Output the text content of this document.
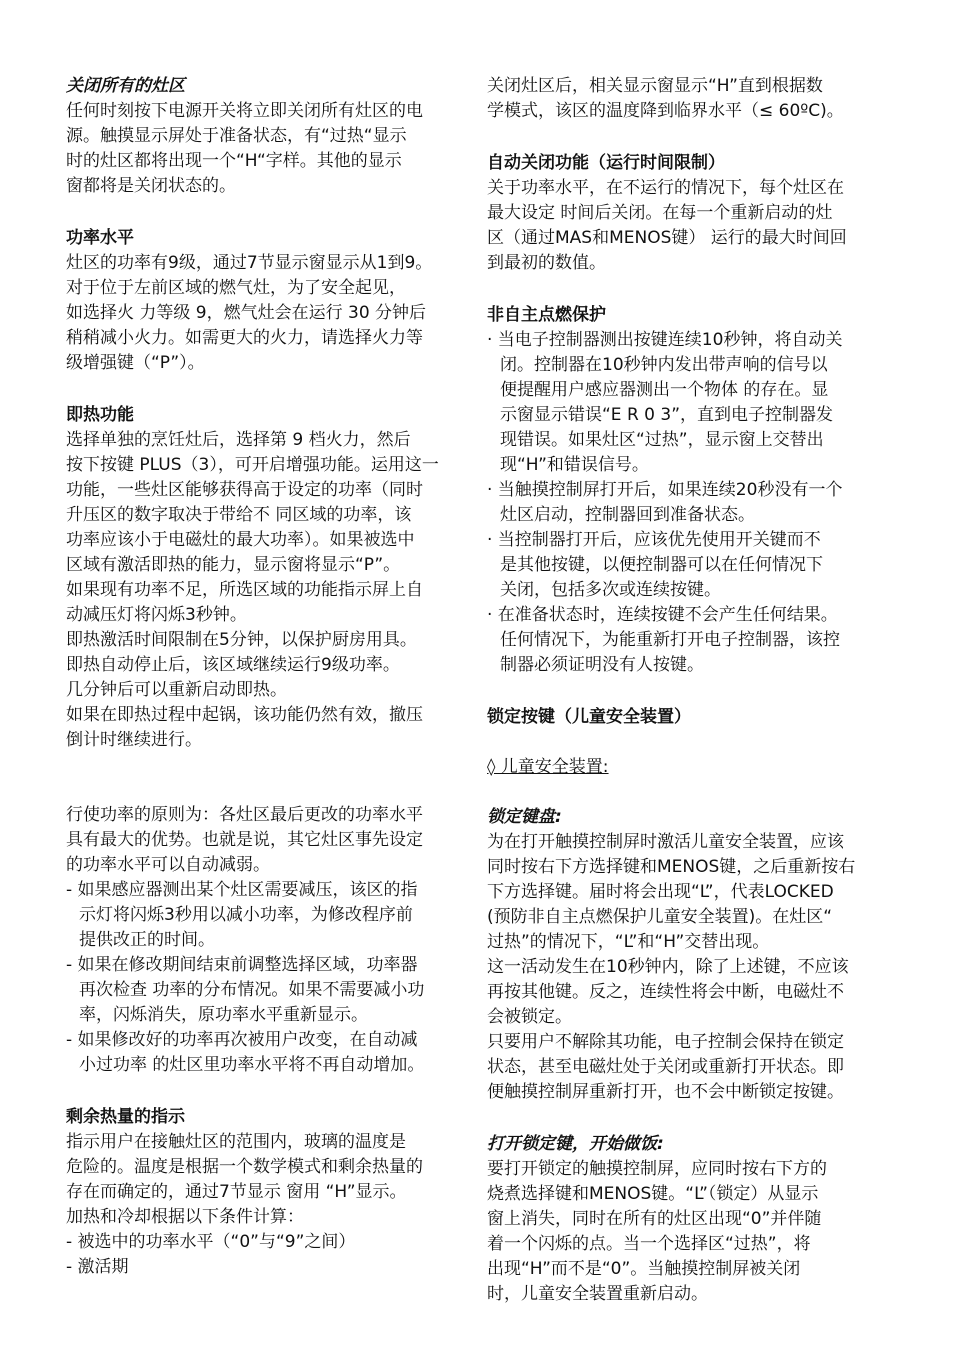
关闭所有的灶区

任何时刻按下电源开关将立即关闭所有灶区的电

源。触摸显示屏处于准备状态，有“过热“显示

时的灶区都将出现一个“H“字样。其他的显示

窗都将是关闭状态的。

功率水平

灶区的功率有9级，通过7节显示窗显示从1到9。

对于位于左前区域的燃气灶，为了安全起见，

如选择火 力等级 9，燃气灶会在运行 30 分钟后

稍稍减小火力。如需更大的火力，请选择火力等

级增强键（“P”）。

即热功能

选择单独的烹饪灶后，选择第 9 档火力，然后

按下按键 PLUS（3），可开启增强功能。运用这一

功能，一些灶区能够获得高于设定的功率（同时

升压区的数字取决于带给不 同区域的功率，该

功率应该小于电磁灶的最大功率）。如果被选中

区域有激活即热的能力，显示窗将显示“P”。

如果现有功率不足，所选区域的功能指示屏上自

动减压灯将闪烁3秒钟。

即热激活时间限制在5分钟，以保护厨房用具。

即热自动停止后，该区域继续运行9级功率。

几分钟后可以重新启动即热。

如果在即热过程中起锅，该功能仍然有效，撤压

倒计时继续进行。

行使功率的原则为：各灶区最后更改的功率水平

具有最大的优势。也就是说，其它灶区事先设定

的功率水平可以自动减弱。

- 如果感应器测出某个灶区需要减压，该区的指

示灯将闪烁3秒用以减小功率，为修改程序前

提供改正的时间。

- 如果在修改期间结束前调整选择区域，功率器

再次检查 功率的分布情况。如果不需要减小功

率，闪烁消失，原功率水平重新显示。

- 如果修改好的功率再次被用户改变，在自动减

小过功率 的灶区里功率水平将不再自动增加。

剩余热量的指示

指示用户在接触灶区的范围内，玻璃的温度是

危险的。温度是根据一个数学模式和剩余热量的

存在而确定的，通过7节显示 窗用 “H”显示。

加热和冷却根据以下条件计算：

- 被选中的功率水平（“0”与“9”之间）

- 激活期

关闭灶区后，相关显示窗显示“H”直到根据数

学模式，该区的温度降到临界水平（≤ 60ºC)。

自动关闭功能（运行时间限制）

关于功率水平，在不运行的情况下，每个灶区在

最大设定 时间后关闭。在每一个重新启动的灶

区（通过MAS和MENOS键） 运行的最大时间回

到最初的数值。

非自主点燃保护

· 当电子控制器测出按键连续10秒钟，将自动关

闭。控制器在10秒钟内发出带声响的信号以

便提醒用户感应器测出一个物体 的存在。显

示窗显示错误“E R 0 3”，直到电子控制器发

现错误。如果灶区“过热”，显示窗上交替出

现“H”和错误信号。

· 当触摸控制屏打开后，如果连续20秒没有一个

灶区启动，控制器回到准备状态。

· 当控制器打开后，应该优先使用开关键而不

是其他按键，以便控制器可以在任何情况下

关闭，包括多次或连续按键。

· 在准备状态时，连续按键不会产生任何结果。

任何情况下，为能重新打开电子控制器，该控

制器必须证明没有人按键。

锁定按键（儿童安全装置）

◊ 儿童安全装置:

锁定键盘:

为在打开触摸控制屏时激活儿童安全装置，应该

同时按右下方选择键和MENOS键，之后重新按右

下方选择键。届时将会出现“L”，代表LOCKED

(预防非自主点燃保护儿童安全装置)。在灶区“

过热”的情况下，“L”和“H”交替出现。

这一活动发生在10秒钟内，除了上述键，不应该

再按其他键。反之，连续性将会中断，电磁灶不

会被锁定。

只要用户不解除其功能，电子控制会保持在锁定

状态，甚至电磁灶处于关闭或重新打开状态。即

便触摸控制屏重新打开，也不会中断锁定按键。

打开锁定键，开始做饭:

要打开锁定的触摸控制屏，应同时按右下方的

烧煮选择键和MENOS键。“L”（锁定）从显示

窗上消失，同时在所有的灶区出现“0”并伴随

着一个闪烁的点。当一个选择区“过热”，将

出现“H”而不是“0”。当触摸控制屏被关闭

时，儿童安全装置重新启动。
